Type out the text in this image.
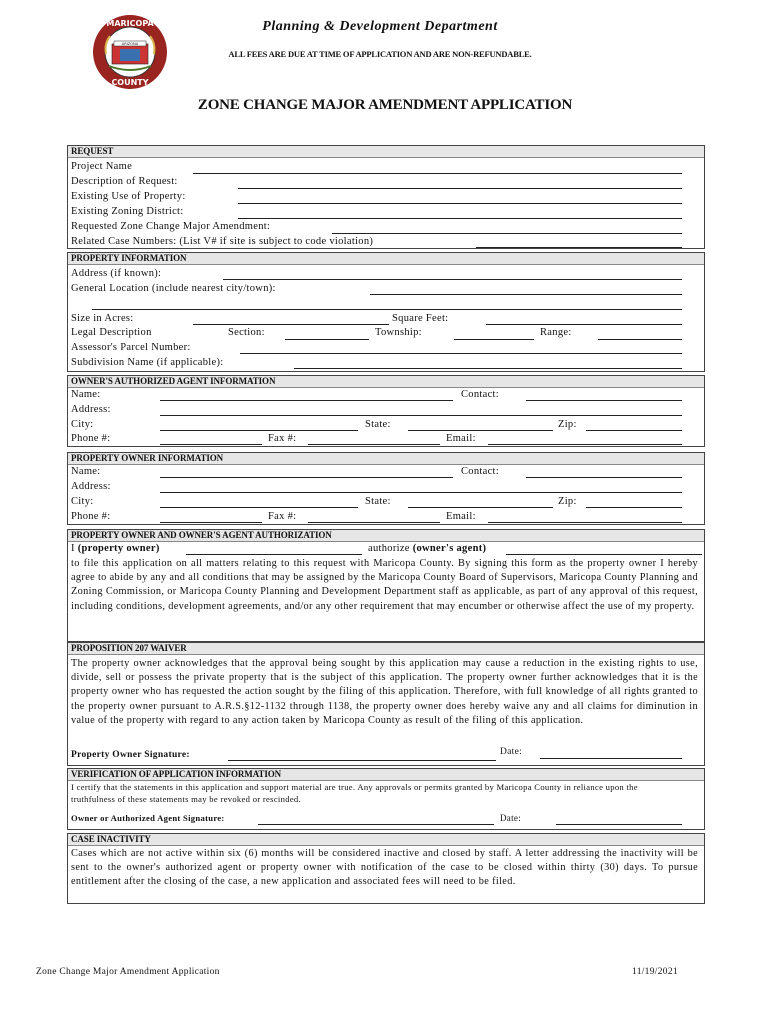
ARIZONA
MARICOPA
COUNTY
Planning & Development Department
ALL FEES ARE DUE AT TIME OF APPLICATION AND ARE NON-REFUNDABLE.
ZONE CHANGE MAJOR AMENDMENT APPLICATION
REQUEST
Project Name
Description of Request:
Existing Use of Property:
Existing Zoning District:
Requested Zone Change Major Amendment:
Related Case Numbers: (List V# if site is subject to code violation)
PROPERTY INFORMATION
Address (if known):
General Location (include nearest city/town):
Size in Acres:	Square Feet:
Legal Description	Section:	Township:	Range:
Assessor's Parcel Number:
Subdivision Name (if applicable):
OWNER'S AUTHORIZED AGENT INFORMATION
Name:	Contact:
Address:
City:	State:	Zip:
Phone #:	Fax #:	Email:
PROPERTY OWNER INFORMATION
Name:	Contact:
Address:
City:	State:	Zip:
Phone #:	Fax #:	Email:
PROPERTY OWNER AND OWNER'S AGENT AUTHORIZATION
I (property owner)	authorize (owner's agent)
to file this application on all matters relating to this request with Maricopa County. By signing this form as the property owner I hereby agree to abide by any and all conditions that may be assigned by the Maricopa County Board of Supervisors, Maricopa County Planning and Zoning Commission, or Maricopa County Planning and Development Department staff as applicable, as part of any approval of this request, including conditions, development agreements, and/or any other requirement that may encumber or otherwise affect the use of my property.
PROPOSITION 207 WAIVER
The property owner acknowledges that the approval being sought by this application may cause a reduction in the existing rights to use, divide, sell or possess the private property that is the subject of this application. The property owner further acknowledges that it is the property owner who has requested the action sought by the filing of this application. Therefore, with full knowledge of all rights granted to the property owner pursuant to A.R.S.§12-1132 through 1138, the property owner does hereby waive any and all claims for diminution in value of the property with regard to any action taken by Maricopa County as result of the filing of this application.
Property Owner Signature:	Date:
VERIFICATION OF APPLICATION INFORMATION
I certify that the statements in this application and support material are true. Any approvals or permits granted by Maricopa County in reliance upon the truthfulness of these statements may be revoked or rescinded.
Owner or Authorized Agent Signature:	Date:
CASE INACTIVITY
Cases which are not active within six (6) months will be considered inactive and closed by staff. A letter addressing the inactivity will be sent to the owner's authorized agent or property owner with notification of the case to be closed within thirty (30) days. To pursue entitlement after the closing of the case, a new application and associated fees will need to be filed.
Zone Change Major Amendment Application	11/19/2021
